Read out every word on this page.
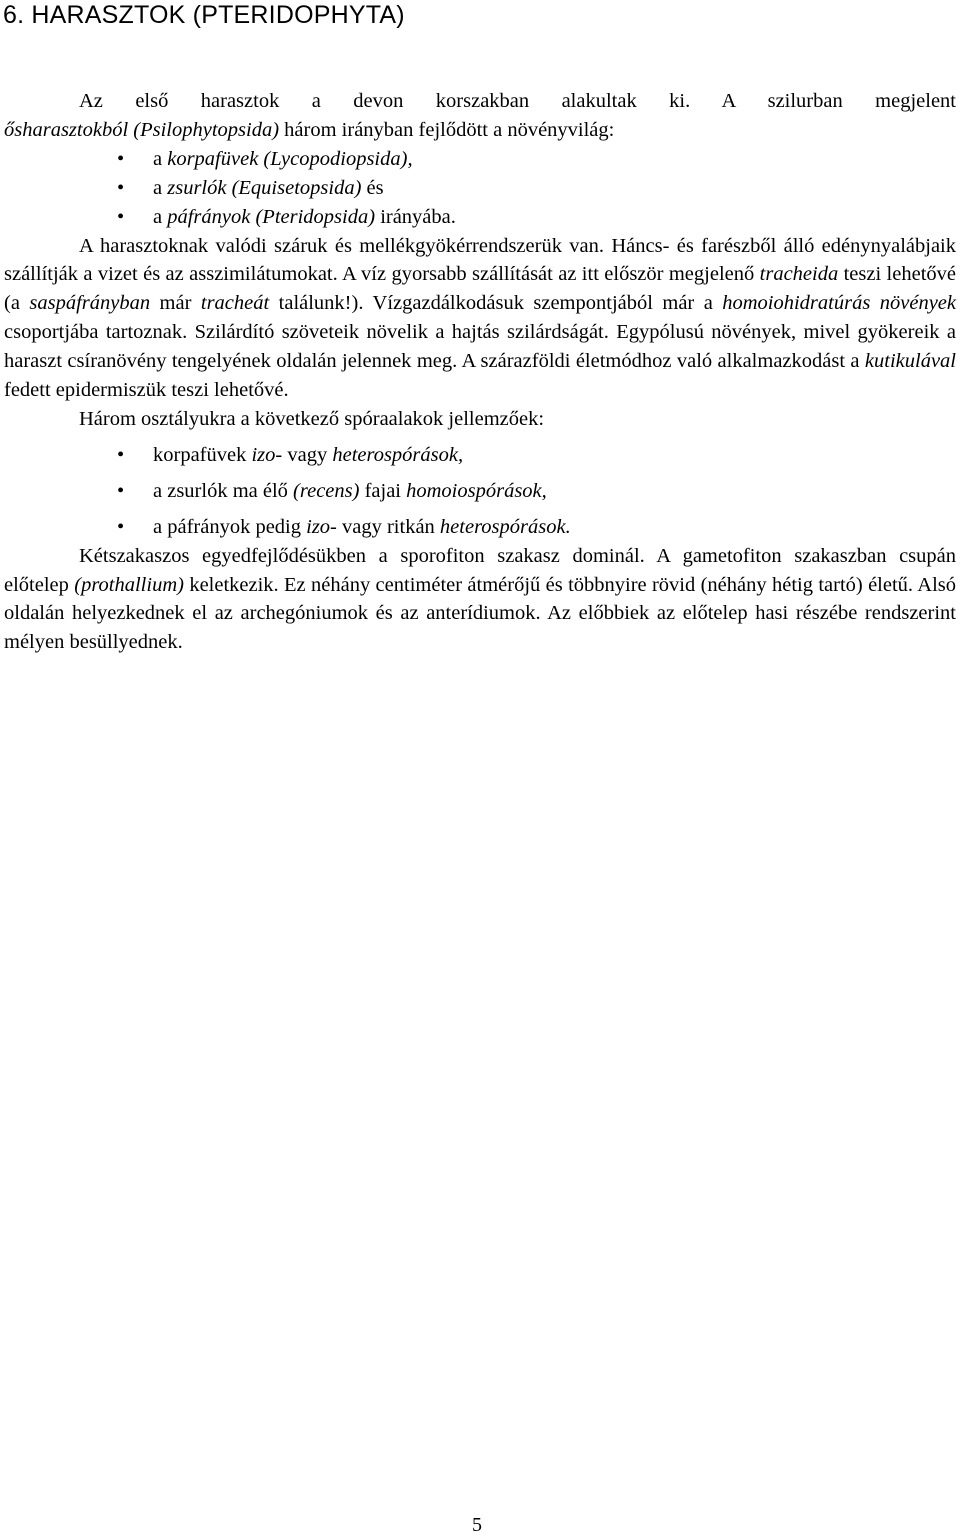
6. HARASZTOK (PTERIDOPHYTA)

Az első harasztok a devon korszakban alakultak ki. A szilurban megjelent

ősharasztokból (Psilophytopsida) három irányban fejlődött a növényvilág:

• a korpafüvek (Lycopodiopsida),
• a zsurlók (Equisetopsida) és
• a páfrányok (Pteridopsida) irányába.

A harasztoknak valódi száruk és mellékgyökérrendszerük van. Háncs- és farészből álló edénynyalábjaik szállítják a vizet és az asszimilátumokat. A víz gyorsabb szállítását az itt először megjelenő tracheida teszi lehetővé (a saspáfrányban már tracheát találunk!). Vízgazdálkodásuk szempontjából már a homoiohidratúrás növények csoportjába tartoznak. Szilárdító szöveteik növelik a hajtás szilárdságát. Egypólusú növények, mivel gyökereik a haraszt csíranövény tengelyének oldalán jelennek meg. A szárazföldi életmódhoz való alkalmazkodást a kutikulával fedett epidermiszük teszi lehetővé.

Három osztályukra a következő spóraalakok jellemzőek:

• korpafüvek izo- vagy heterospórások,
• a zsurlók ma élő (recens) fajai homoiospórások,
• a páfrányok pedig izo- vagy ritkán heterospórások.

Kétszakaszos egyedfejlődésükben a sporofiton szakasz dominál. A gametofiton szakaszban csupán előtelep (prothallium) keletkezik. Ez néhány centiméter átmérőjű és többnyire rövid (néhány hétig tartó) életű. Alsó oldalán helyezkednek el az archegóniumok és az anterídiumok. Az előbbiek az előtelep hasi részébe rendszerint mélyen besüllyednek.

5
